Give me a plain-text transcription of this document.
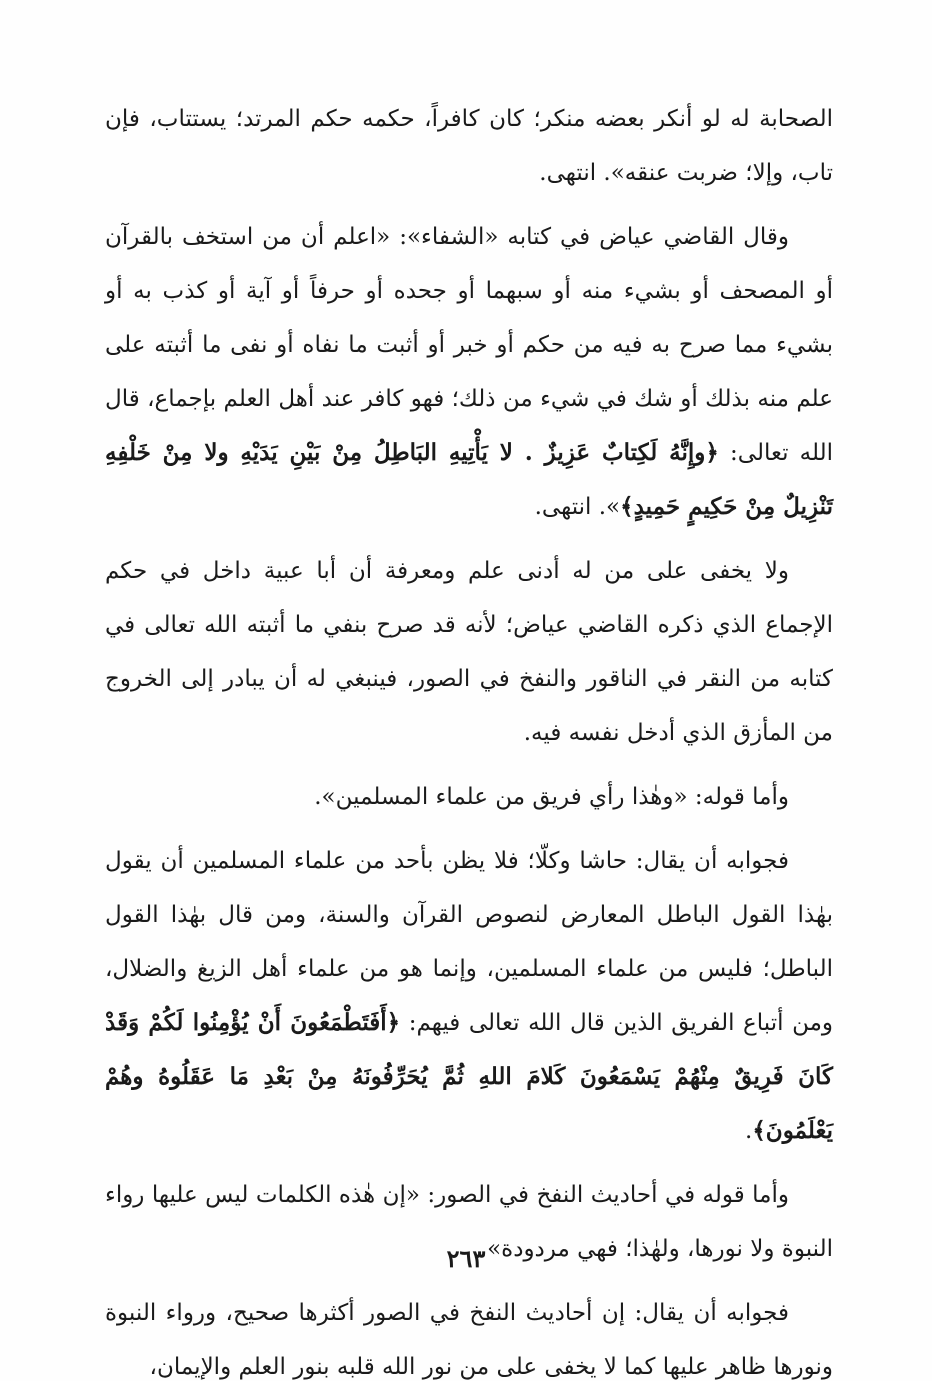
الصحابة له لو أنكر بعضه منكر؛ كان كافراً، حكمه حكم المرتد؛ يستتاب، فإن تاب، وإلا؛ ضربت عنقه». انتهى.

وقال القاضي عياض في كتابه «الشفاء»: «اعلم أن من استخف بالقرآن أو المصحف أو بشيء منه أو سبهما أو جحده أو حرفاً أو آية أو كذب به أو بشيء مما صرح به فيه من حكم أو خبر أو أثبت ما نفاه أو نفى ما أثبته على علم منه بذلك أو شك في شيء من ذلك؛ فهو كافر عند أهل العلم بإجماع، قال الله تعالى: ﴿وإِنَّهُ لَكِتابٌ عَزِيزٌ . لا يَأْتِيهِ البَاطِلُ مِنْ بَيْنِ يَدَيْهِ ولا مِنْ خَلْفِهِ تَنْزِيلٌ مِنْ حَكِيمٍ حَمِيدٍ﴾». انتهى.

ولا يخفى على من له أدنى علم ومعرفة أن أبا عبية داخل في حكم الإجماع الذي ذكره القاضي عياض؛ لأنه قد صرح بنفي ما أثبته الله تعالى في كتابه من النقر في الناقور والنفخ في الصور، فينبغي له أن يبادر إلى الخروج من المأزق الذي أدخل نفسه فيه.

وأما قوله: «وهٰذا رأي فريق من علماء المسلمين».

فجوابه أن يقال: حاشا وكلّا؛ فلا يظن بأحد من علماء المسلمين أن يقول بهٰذا القول الباطل المعارض لنصوص القرآن والسنة، ومن قال بهٰذا القول الباطل؛ فليس من علماء المسلمين، وإنما هو من علماء أهل الزيغ والضلال، ومن أتباع الفريق الذين قال الله تعالى فيهم: ﴿أَفَتَطْمَعُونَ أَنْ يُؤْمِنُوا لَكُمْ وَقَدْ كَانَ فَرِيقٌ مِنْهُمْ يَسْمَعُونَ كَلامَ اللهِ ثُمَّ يُحَرِّفُونَهُ مِنْ بَعْدِ مَا عَقَلُوهُ وهُمْ يَعْلَمُونَ﴾.

وأما قوله في أحاديث النفخ في الصور: «إن هٰذه الكلمات ليس عليها رواء النبوة ولا نورها، ولهٰذا؛ فهي مردودة».

فجوابه أن يقال: إن أحاديث النفخ في الصور أكثرها صحيح، ورواء النبوة ونورها ظاهر عليها كما لا يخفى على من نور الله قلبه بنور العلم والإيمان،

٢٦٣
